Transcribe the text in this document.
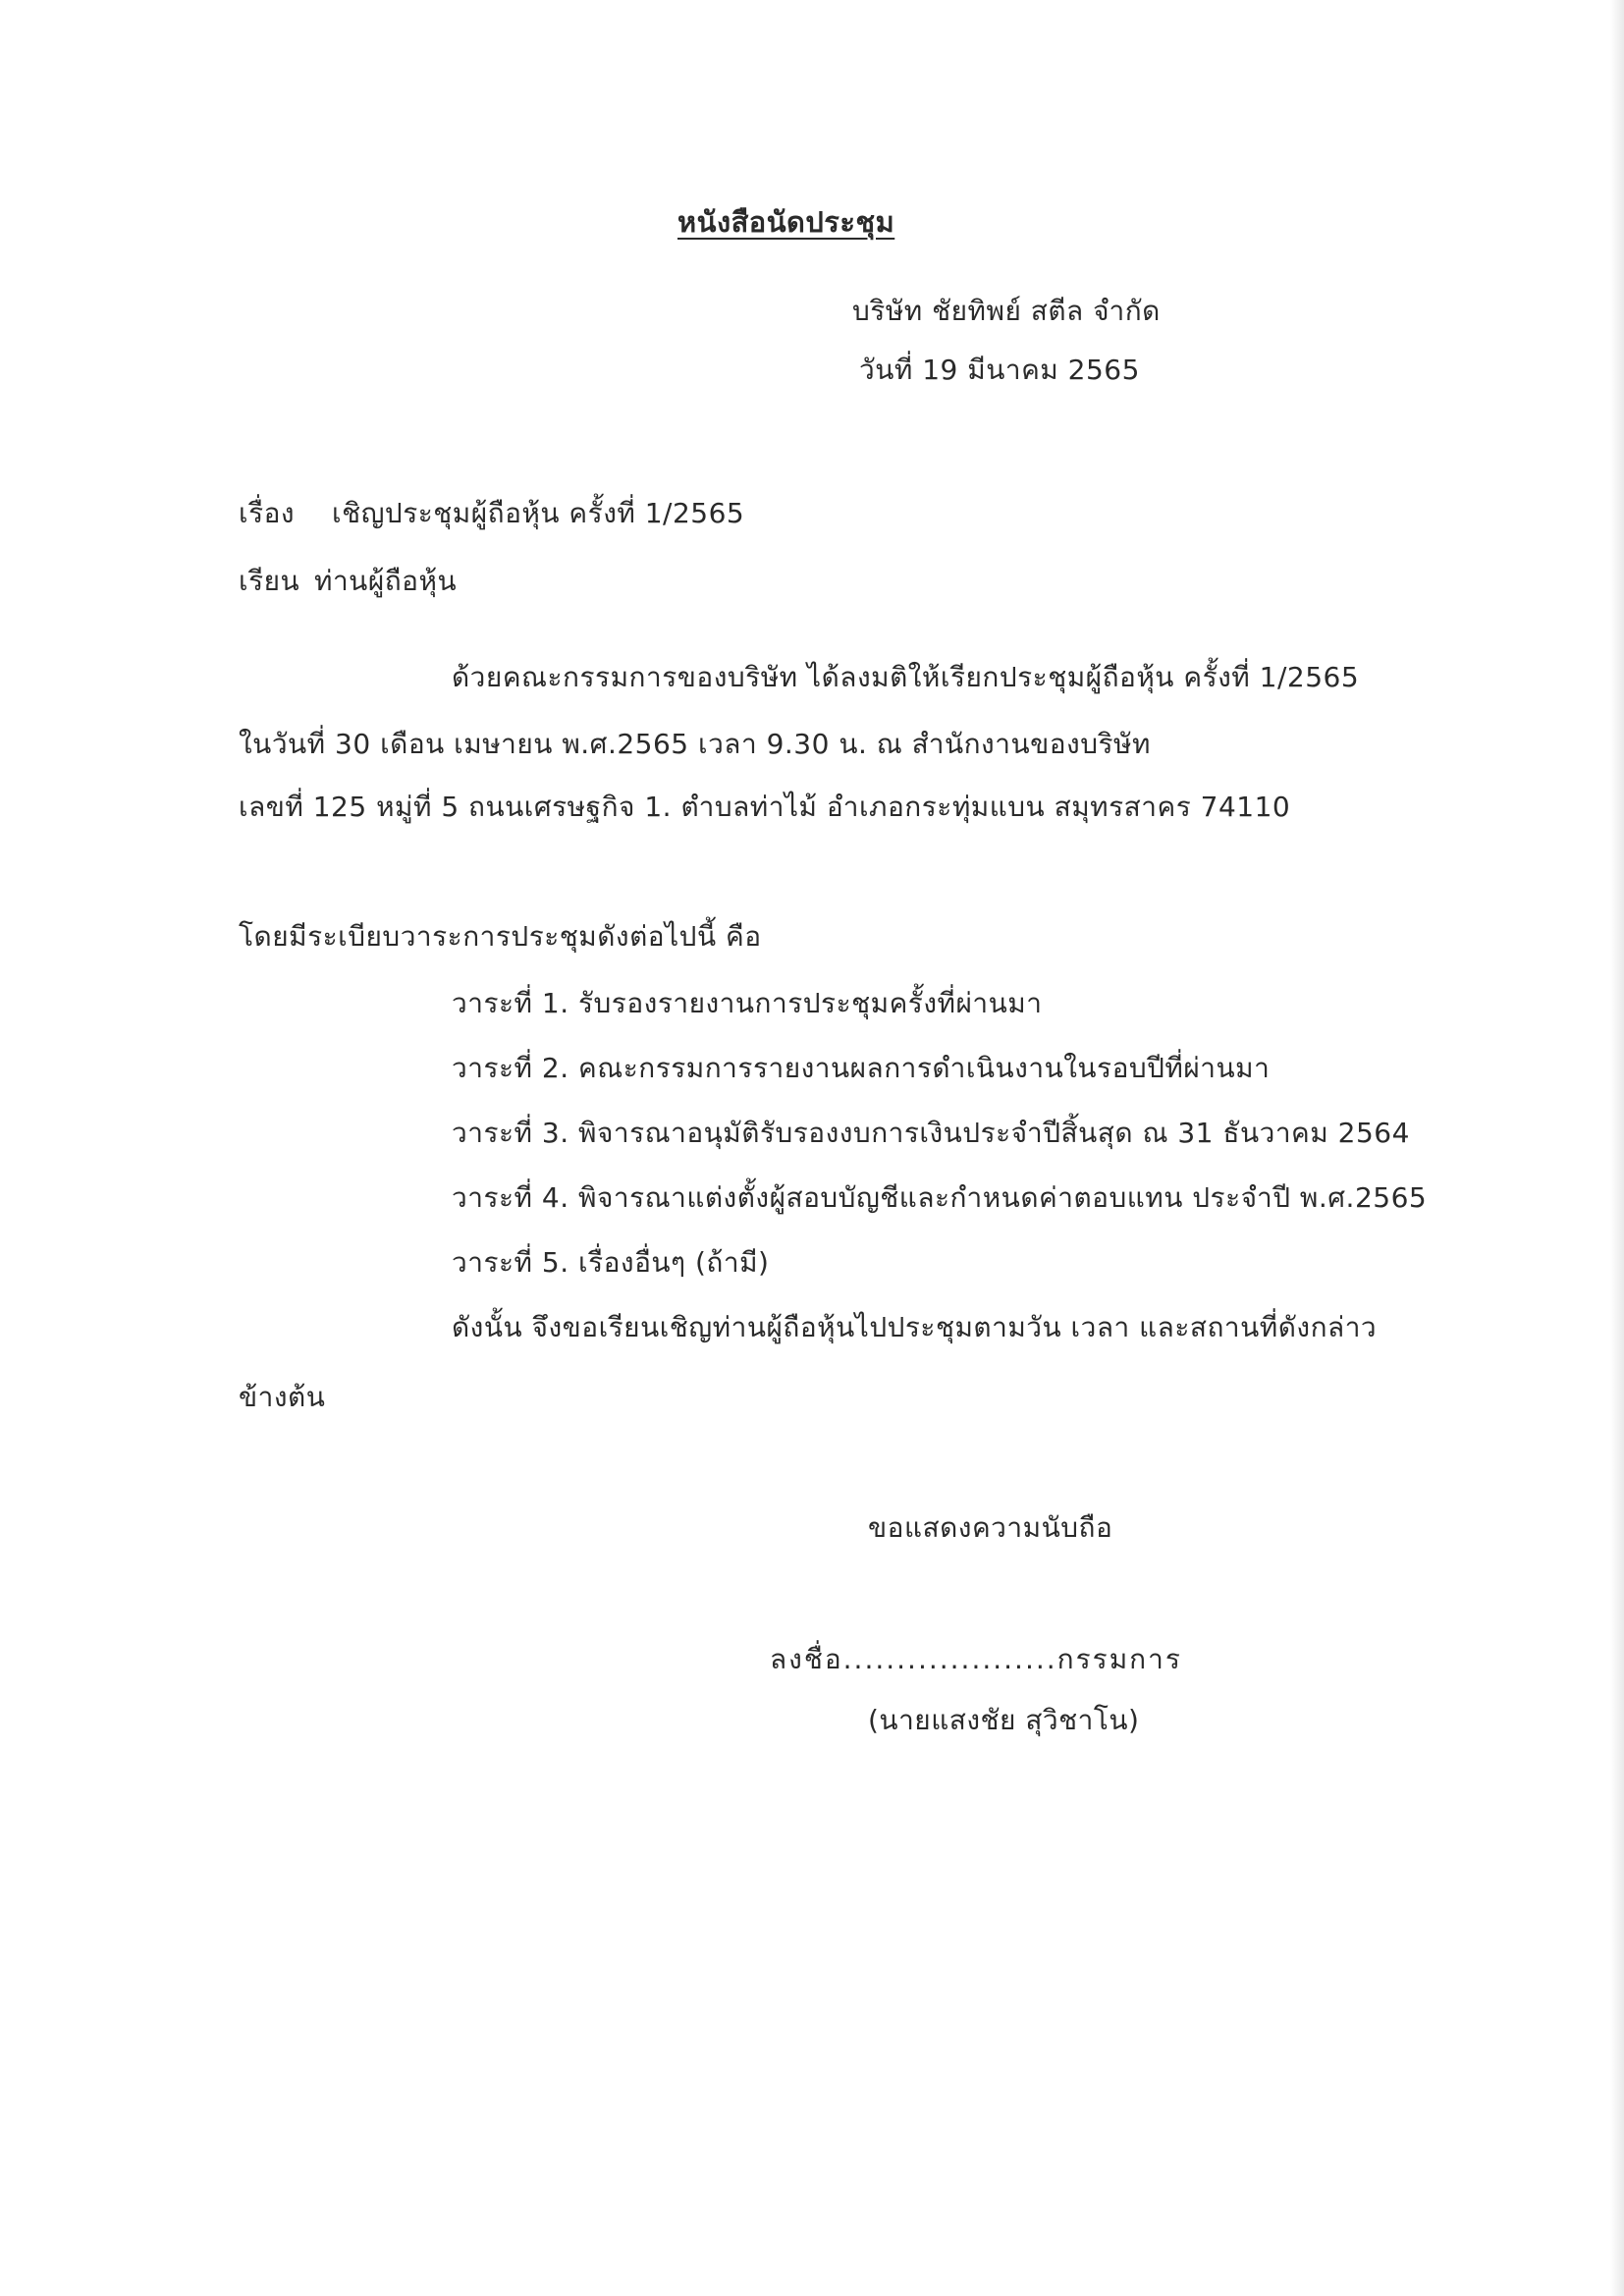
หนังสือนัดประชุม
บริษัท ชัยทิพย์ สตีล จำกัด
วันที่ 19 มีนาคม 2565
เรื่อง เชิญประชุมผู้ถือหุ้น ครั้งที่ 1/2565
เรียน ท่านผู้ถือหุ้น
ด้วยคณะกรรมการของบริษัท ได้ลงมติให้เรียกประชุมผู้ถือหุ้น ครั้งที่ 1/2565
ในวันที่ 30 เดือน เมษายน พ.ศ.2565 เวลา 9.30 น. ณ สำนักงานของบริษัท
เลขที่ 125 หมู่ที่ 5 ถนนเศรษฐกิจ 1. ตำบลท่าไม้ อำเภอกระทุ่มแบน สมุทรสาคร 74110
โดยมีระเบียบวาระการประชุมดังต่อไปนี้ คือ
วาระที่ 1. รับรองรายงานการประชุมครั้งที่ผ่านมา
วาระที่ 2. คณะกรรมการรายงานผลการดำเนินงานในรอบปีที่ผ่านมา
วาระที่ 3. พิจารณาอนุมัติรับรองงบการเงินประจำปีสิ้นสุด ณ 31 ธันวาคม 2564
วาระที่ 4. พิจารณาแต่งตั้งผู้สอบบัญชีและกำหนดค่าตอบแทน ประจำปี พ.ศ.2565
วาระที่ 5. เรื่องอื่นๆ (ถ้ามี)
ดังนั้น จึงขอเรียนเชิญท่านผู้ถือหุ้นไปประชุมตามวัน เวลา และสถานที่ดังกล่าว
ข้างต้น
ขอแสดงความนับถือ
ลงชื่อ....................กรรมการ
(นายแสงชัย สุวิชาโน)
